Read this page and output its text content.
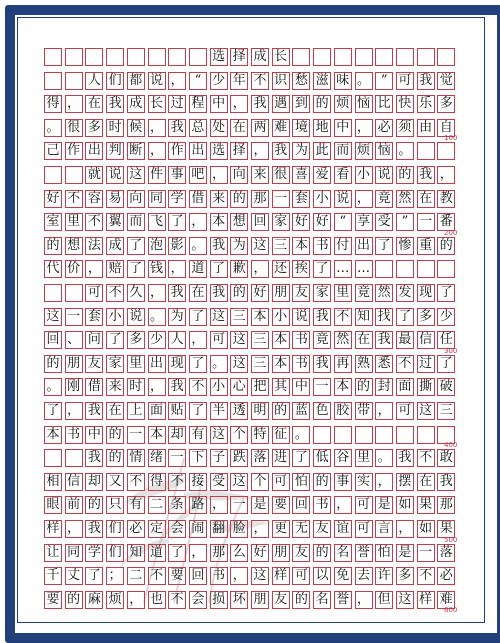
选 择 成 长
人 们 都 说 ， “ 少 年 不 识 愁 滋 味 。 ” 可 我 觉
得 ， 在 我 成 长 过 程 中 ， 我 遇 到 的 烦 恼 比 快 乐 多
。 很 多 时 候 ， 我 总 处 在 两 难 境 地 中 ， 必 须 由 自
己 作 出 判 断 ， 作 出 选 择 ， 我 为 此 而 烦 恼 。
就 说 这 件 事 吧 ， 向 来 很 喜 爱 看 小 说 的 我 ，
好 不 容 易 向 同 学 借 来 的 那 一 套 小 说 ， 竟 然 在 教
室 里 不 翼 而 飞 了 ， 本 想 回 家 好 好 “ 享 受 ” 一 番
的 想 法 成 了 泡 影 。 我 为 这 三 本 书 付 出 了 惨 重 的
代 价 ， 赔 了 钱 ， 道 了 歉 ， 还 挨 了 … …
可 不 久 ， 我 在 我 的 好 朋 友 家 里 竟 然 发 现 了
这 一 套 小 说 。 为 了 这 三 本 小 说 我 不 知 找 了 多 少
回 、 问 了 多 少 人 ， 可 这 三 本 书 竟 然 在 我 最 信 任
的 朋 友 家 里 出 现 了 。 这 三 本 书 我 再 熟 悉 不 过 了
。 刚 借 来 时 ， 我 不 小 心 把 其 中 一 本 的 封 面 撕 破
了 ， 我 在 上 面 贴 了 半 透 明 的 蓝 色 胶 带 ， 可 这 三
本 书 中 的 一 本 却 有 这 个 特 征 。
我 的 情 绪 一 下 子 跌 落 进 了 低 谷 里 。 我 不 敢
相 信 却 又 不 得 不 接 受 这 个 可 怕 的 事 实 ， 摆 在 我
眼 前 的 只 有 二 条 路 ， 一 是 要 回 书 ， 可 是 如 果 那
样 ， 我 们 必 定 会 闹 翻 脸 ， 更 无 友 谊 可 言 ， 如 果
让 同 学 们 知 道 了 ， 那 么 好 朋 友 的 名 誉 怕 是 一 落
千 丈 了 ； 二 不 要 回 书 ， 这 样 可 以 免 去 许 多 不 必
要 的 麻 烦 ， 也 不 会 损 坏 朋 友 的 名 誉 ， 但 这 样 难
100
200
300
400
500
600
